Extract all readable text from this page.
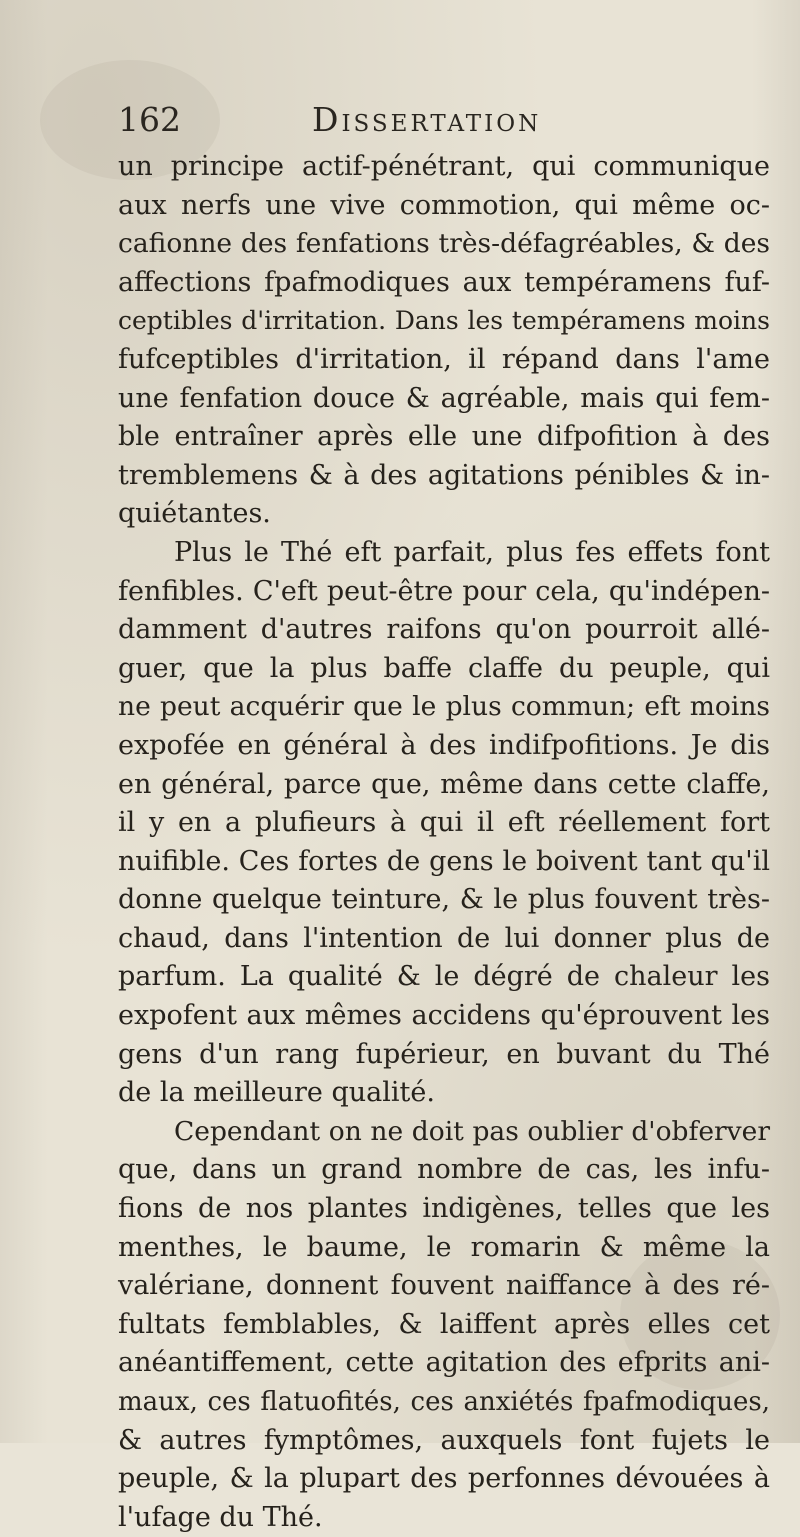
162	Dissertation
un principe actif-pénétrant, qui communique
aux nerfs une vive commotion, qui même oc-
cafionne des fenfations très-défagréables, & des
affections fpafmodiques aux tempéramens fuf-
ceptibles d'irritation. Dans les tempéramens moins
fufceptibles d'irritation, il répand dans l'ame
une fenfation douce & agréable, mais qui fem-
ble entraîner après elle une difpofition à des
tremblemens & à des agitations pénibles & in-
quiétantes.
Plus le Thé eft parfait, plus fes effets font
fenfibles. C'eft peut-être pour cela, qu'indépen-
damment d'autres raifons qu'on pourroit allé-
guer, que la plus baffe claffe du peuple, qui
ne peut acquérir que le plus commun; eft moins
expofée en général à des indifpofitions. Je dis
en général, parce que, même dans cette claffe,
il y en a plufieurs à qui il eft réellement fort
nuifible. Ces fortes de gens le boivent tant qu'il
donne quelque teinture, & le plus fouvent très-
chaud, dans l'intention de lui donner plus de
parfum. La qualité & le dégré de chaleur les
expofent aux mêmes accidens qu'éprouvent les
gens d'un rang fupérieur, en buvant du Thé
de la meilleure qualité.
Cependant on ne doit pas oublier d'obferver
que, dans un grand nombre de cas, les infu-
fions de nos plantes indigènes, telles que les
menthes, le baume, le romarin & même la
valériane, donnent fouvent naiffance à des ré-
fultats femblables, & laiffent après elles cet
anéantiffement, cette agitation des efprits ani-
maux, ces flatuofités, ces anxiétés fpafmodiques,
& autres fymptômes, auxquels font fujets le
peuple, & la plupart des perfonnes dévouées à
l'ufage du Thé.
